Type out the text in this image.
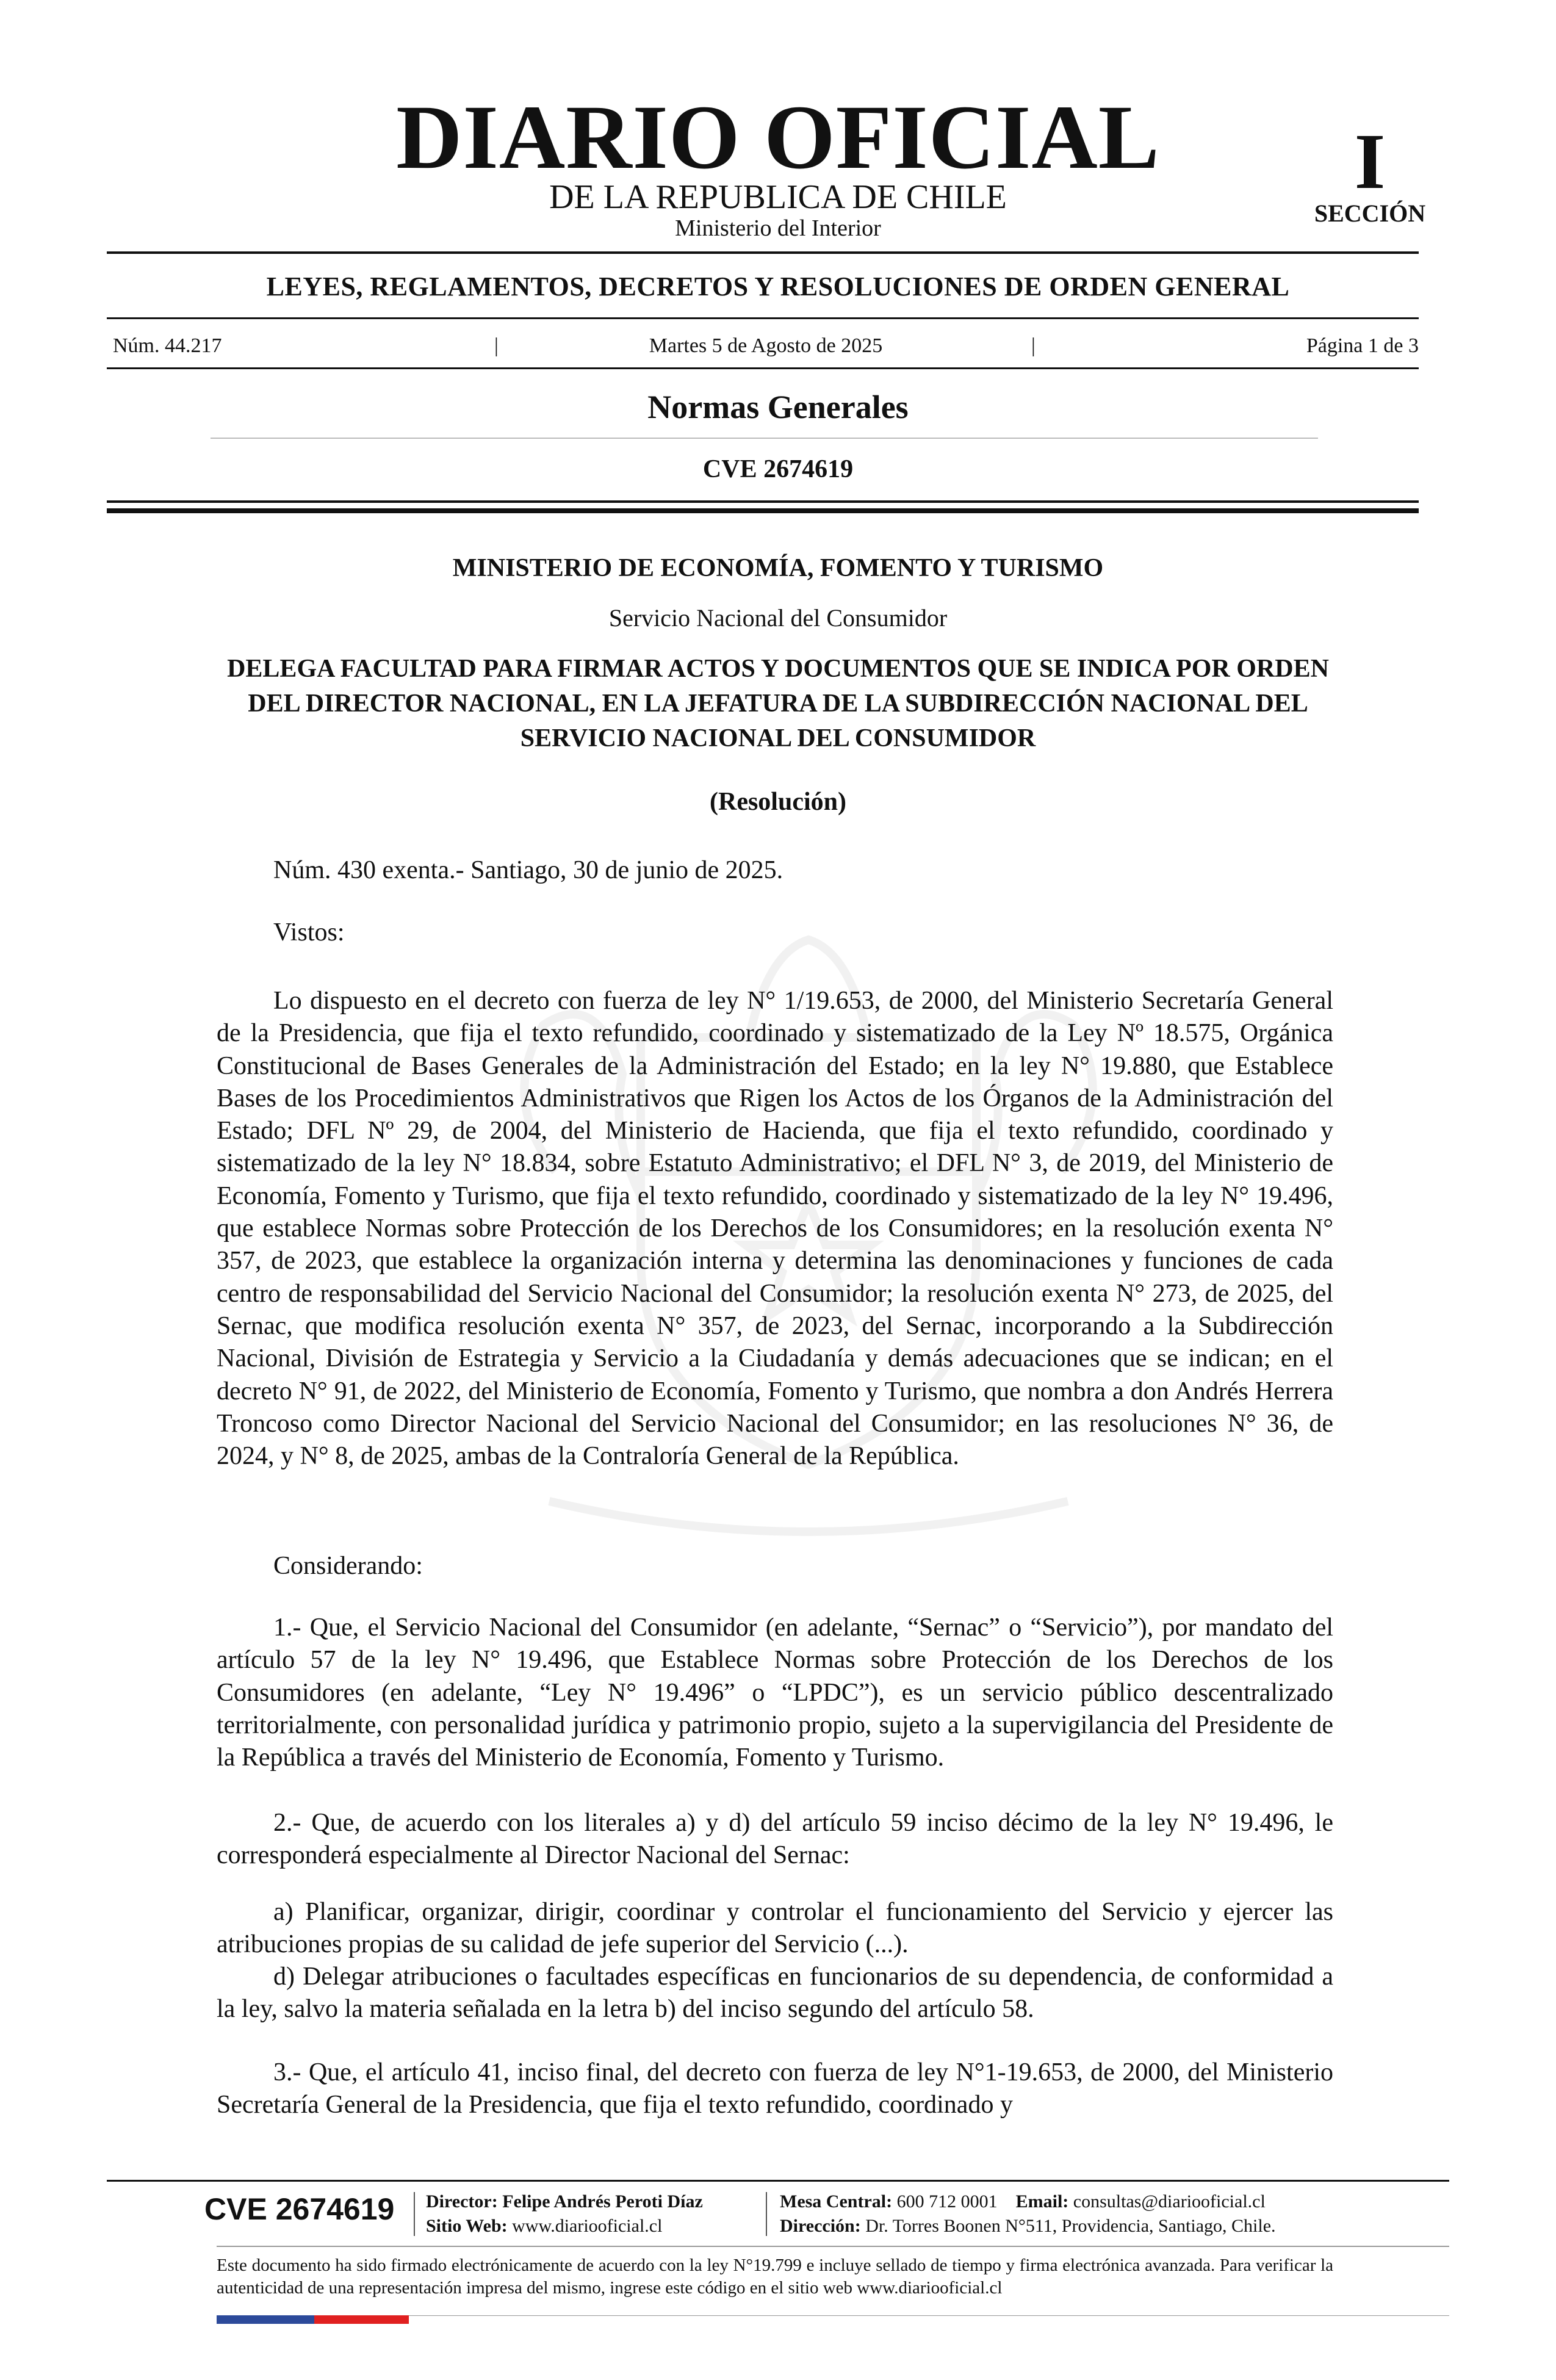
DIARIO OFICIAL
DE LA REPUBLICA DE CHILE
Ministerio del Interior
I
SECCIÓN
LEYES, REGLAMENTOS, DECRETOS Y RESOLUCIONES DE ORDEN GENERAL
Núm. 44.217	|	Martes 5 de Agosto de 2025	|	Página 1 de 3
Normas Generales
CVE 2674619
MINISTERIO DE ECONOMÍA, FOMENTO Y TURISMO
Servicio Nacional del Consumidor
DELEGA FACULTAD PARA FIRMAR ACTOS Y DOCUMENTOS QUE SE INDICA POR ORDEN DEL DIRECTOR NACIONAL, EN LA JEFATURA DE LA SUBDIRECCIÓN NACIONAL DEL SERVICIO NACIONAL DEL CONSUMIDOR
(Resolución)
Núm. 430 exenta.- Santiago, 30 de junio de 2025.
Vistos:
Lo dispuesto en el decreto con fuerza de ley N° 1/19.653, de 2000, del Ministerio Secretaría General de la Presidencia, que fija el texto refundido, coordinado y sistematizado de la Ley Nº 18.575, Orgánica Constitucional de Bases Generales de la Administración del Estado; en la ley N° 19.880, que Establece Bases de los Procedimientos Administrativos que Rigen los Actos de los Órganos de la Administración del Estado; DFL Nº 29, de 2004, del Ministerio de Hacienda, que fija el texto refundido, coordinado y sistematizado de la ley N° 18.834, sobre Estatuto Administrativo; el DFL N° 3, de 2019, del Ministerio de Economía, Fomento y Turismo, que fija el texto refundido, coordinado y sistematizado de la ley N° 19.496, que establece Normas sobre Protección de los Derechos de los Consumidores; en la resolución exenta N° 357, de 2023, que establece la organización interna y determina las denominaciones y funciones de cada centro de responsabilidad del Servicio Nacional del Consumidor; la resolución exenta N° 273, de 2025, del Sernac, que modifica resolución exenta N° 357, de 2023, del Sernac, incorporando a la Subdirección Nacional, División de Estrategia y Servicio a la Ciudadanía y demás adecuaciones que se indican; en el decreto N° 91, de 2022, del Ministerio de Economía, Fomento y Turismo, que nombra a don Andrés Herrera Troncoso como Director Nacional del Servicio Nacional del Consumidor; en las resoluciones N° 36, de 2024, y N° 8, de 2025, ambas de la Contraloría General de la República.
Considerando:
1.- Que, el Servicio Nacional del Consumidor (en adelante, “Sernac” o “Servicio”), por mandato del artículo 57 de la ley N° 19.496, que Establece Normas sobre Protección de los Derechos de los Consumidores (en adelante, “Ley N° 19.496” o “LPDC”), es un servicio público descentralizado territorialmente, con personalidad jurídica y patrimonio propio, sujeto a la supervigilancia del Presidente de la República a través del Ministerio de Economía, Fomento y Turismo.
2.- Que, de acuerdo con los literales a) y d) del artículo 59 inciso décimo de la ley N° 19.496, le corresponderá especialmente al Director Nacional del Sernac:
a) Planificar, organizar, dirigir, coordinar y controlar el funcionamiento del Servicio y ejercer las atribuciones propias de su calidad de jefe superior del Servicio (...).
d) Delegar atribuciones o facultades específicas en funcionarios de su dependencia, de conformidad a la ley, salvo la materia señalada en la letra b) del inciso segundo del artículo 58.
3.- Que, el artículo 41, inciso final, del decreto con fuerza de ley N°1-19.653, de 2000, del Ministerio Secretaría General de la Presidencia, que fija el texto refundido, coordinado y
CVE 2674619	Director: Felipe Andrés Peroti Díaz
Sitio Web: www.diariooficial.cl
Mesa Central: 600 712 0001 Email: consultas@diariooficial.cl
Dirección: Dr. Torres Boonen N°511, Providencia, Santiago, Chile.
Este documento ha sido firmado electrónicamente de acuerdo con la ley N°19.799 e incluye sellado de tiempo y firma electrónica avanzada. Para verificar la autenticidad de una representación impresa del mismo, ingrese este código en el sitio web www.diariooficial.cl
